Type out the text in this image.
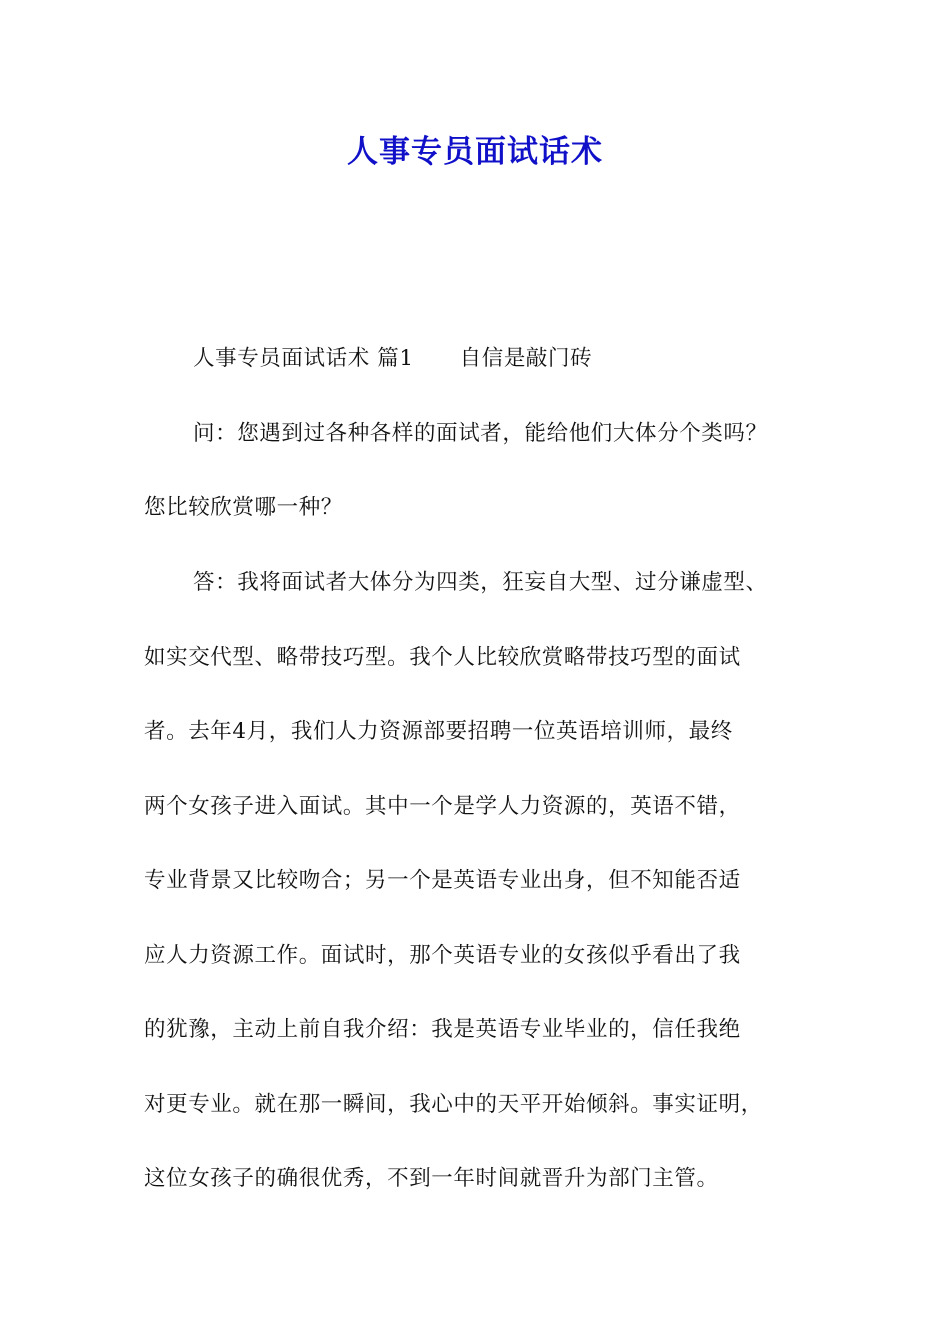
人事专员面试话术
人事专员面试话术 篇1 自信是敲门砖
问：您遇到过各种各样的面试者，能给他们大体分个类吗？
您比较欣赏哪一种？
答：我将面试者大体分为四类，狂妄自大型、过分谦虚型、
如实交代型、略带技巧型。我个人比较欣赏略带技巧型的面试
者。去年4月，我们人力资源部要招聘一位英语培训师，最终
两个女孩子进入面试。其中一个是学人力资源的，英语不错，
专业背景又比较吻合；另一个是英语专业出身，但不知能否适
应人力资源工作。面试时，那个英语专业的女孩似乎看出了我
的犹豫，主动上前自我介绍：我是英语专业毕业的，信任我绝
对更专业。就在那一瞬间，我心中的天平开始倾斜。事实证明，
这位女孩子的确很优秀，不到一年时间就晋升为部门主管。
